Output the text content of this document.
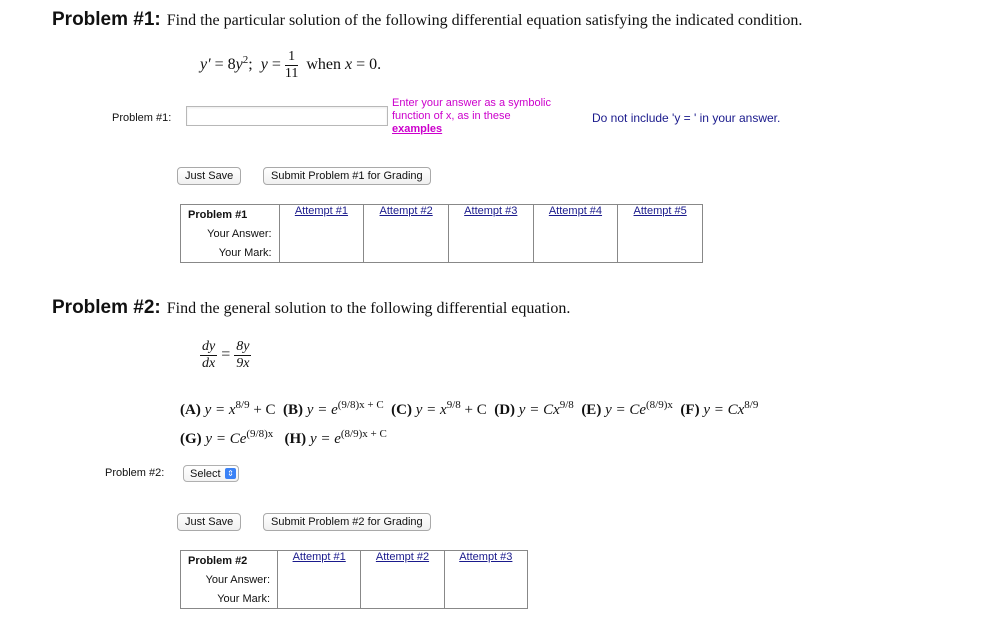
Problem #1: Find the particular solution of the following differential equation satisfying the indicated condition.
$y' = 8y^2$; $y = \frac{1}{11}$ when x = 0.
Problem #1:
Enter your answer as a symbolic
function of x, as in these
examples
Do not include 'y = ' in your answer.
Just Save	Submit Problem #1 for Grading
Problem #1	Attempt #1	Attempt #2	Attempt #3	Attempt #4	Attempt #5
Your Answer:
Your Mark:
Problem #2: Find the general solution to the following differential equation.
$\frac{dy}{dx} = \frac{8y}{9x}$
(A) $y = x^{8/9} + C$ (B) $y = e^{(9/8)x + C}$ (C) $y = x^{9/8} + C$ (D) $y = Cx^{9/8}$ (E) $y = Ce^{(8/9)x}$ (F) $y = Cx^{8/9}$
(G) $y = Ce^{(9/8)x}$ (H) $y = e^{(8/9)x + C}$
Problem #2:	Select ⇕
Just Save	Submit Problem #2 for Grading
Problem #2	Attempt #1	Attempt #2	Attempt #3
Your Answer:
Your Mark:
